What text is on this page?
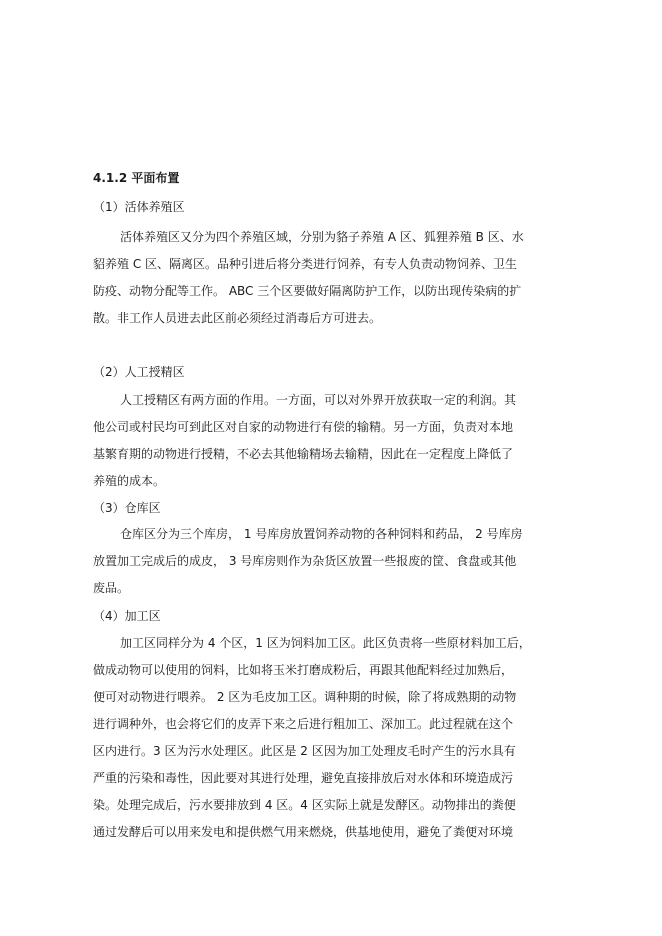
4.1.2 平面布置
（1）活体养殖区
活体养殖区又分为四个养殖区域，分别为貉子养殖 A 区、狐狸养殖 B 区、水
貂养殖 C 区、隔离区。品种引进后将分类进行饲养，有专人负责动物饲养、卫生
防疫、动物分配等工作。 ABC 三个区要做好隔离防护工作，以防出现传染病的扩
散。非工作人员进去此区前必须经过消毒后方可进去。
（2）人工授精区
人工授精区有两方面的作用。一方面，可以对外界开放获取一定的利润。其
他公司或村民均可到此区对自家的动物进行有偿的输精。另一方面，负责对本地
基繁育期的动物进行授精，不必去其他输精场去输精，因此在一定程度上降低了
养殖的成本。
（3）仓库区
仓库区分为三个库房， 1 号库房放置饲养动物的各种饲料和药品， 2 号库房
放置加工完成后的成皮， 3 号库房则作为杂货区放置一些报废的筐、食盘或其他
废品。
（4）加工区
加工区同样分为 4 个区，1 区为饲料加工区。此区负责将一些原材料加工后，
做成动物可以使用的饲料，比如将玉米打磨成粉后，再跟其他配料经过加熟后，
便可对动物进行喂养。 2 区为毛皮加工区。调种期的时候，除了将成熟期的动物
进行调种外，也会将它们的皮弄下来之后进行粗加工、深加工。此过程就在这个
区内进行。3 区为污水处理区。此区是 2 区因为加工处理皮毛时产生的污水具有
严重的污染和毒性，因此要对其进行处理，避免直接排放后对水体和环境造成污
染。处理完成后，污水要排放到 4 区。4 区实际上就是发酵区。动物排出的粪便
通过发酵后可以用来发电和提供燃气用来燃烧，供基地使用，避免了粪便对环境
